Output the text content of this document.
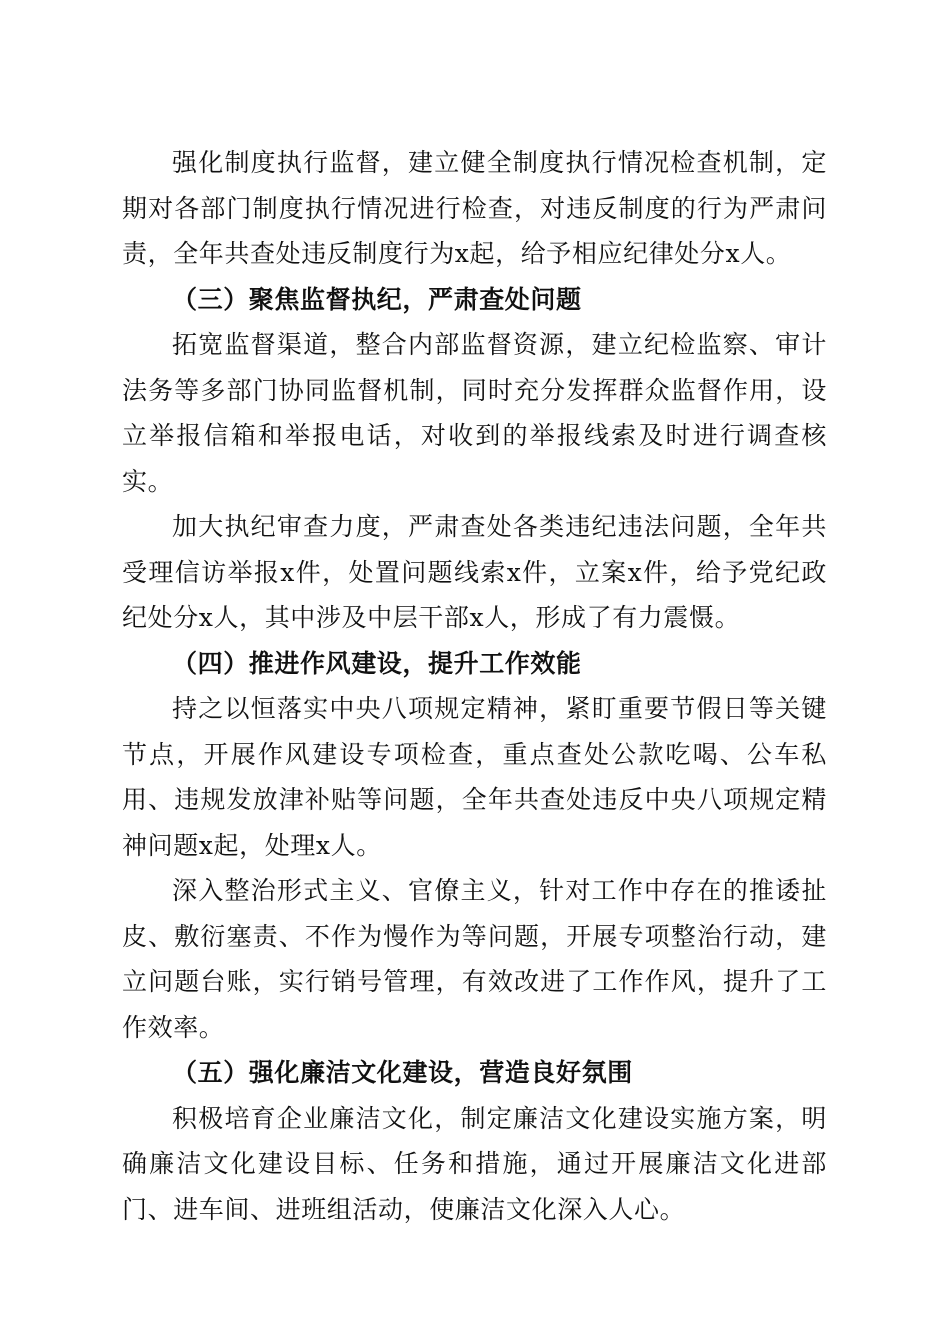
强化制度执行监督，建立健全制度执行情况检查机制，定期对各部门制度执行情况进行检查，对违反制度的行为严肃问责，全年共查处违反制度行为x起，给予相应纪律处分x人。

（三）聚焦监督执纪，严肃查处问题

拓宽监督渠道，整合内部监督资源，建立纪检监察、审计法务等多部门协同监督机制，同时充分发挥群众监督作用，设立举报信箱和举报电话，对收到的举报线索及时进行调查核实。

加大执纪审查力度，严肃查处各类违纪违法问题，全年共受理信访举报x件，处置问题线索x件，立案x件，给予党纪政纪处分x人，其中涉及中层干部x人，形成了有力震慑。

（四）推进作风建设，提升工作效能

持之以恒落实中央八项规定精神，紧盯重要节假日等关键节点，开展作风建设专项检查，重点查处公款吃喝、公车私用、违规发放津补贴等问题，全年共查处违反中央八项规定精神问题x起，处理x人。

深入整治形式主义、官僚主义，针对工作中存在的推诿扯皮、敷衍塞责、不作为慢作为等问题，开展专项整治行动，建立问题台账，实行销号管理，有效改进了工作作风，提升了工作效率。

（五）强化廉洁文化建设，营造良好氛围

积极培育企业廉洁文化，制定廉洁文化建设实施方案，明确廉洁文化建设目标、任务和措施，通过开展廉洁文化进部门、进车间、进班组活动，使廉洁文化深入人心。
